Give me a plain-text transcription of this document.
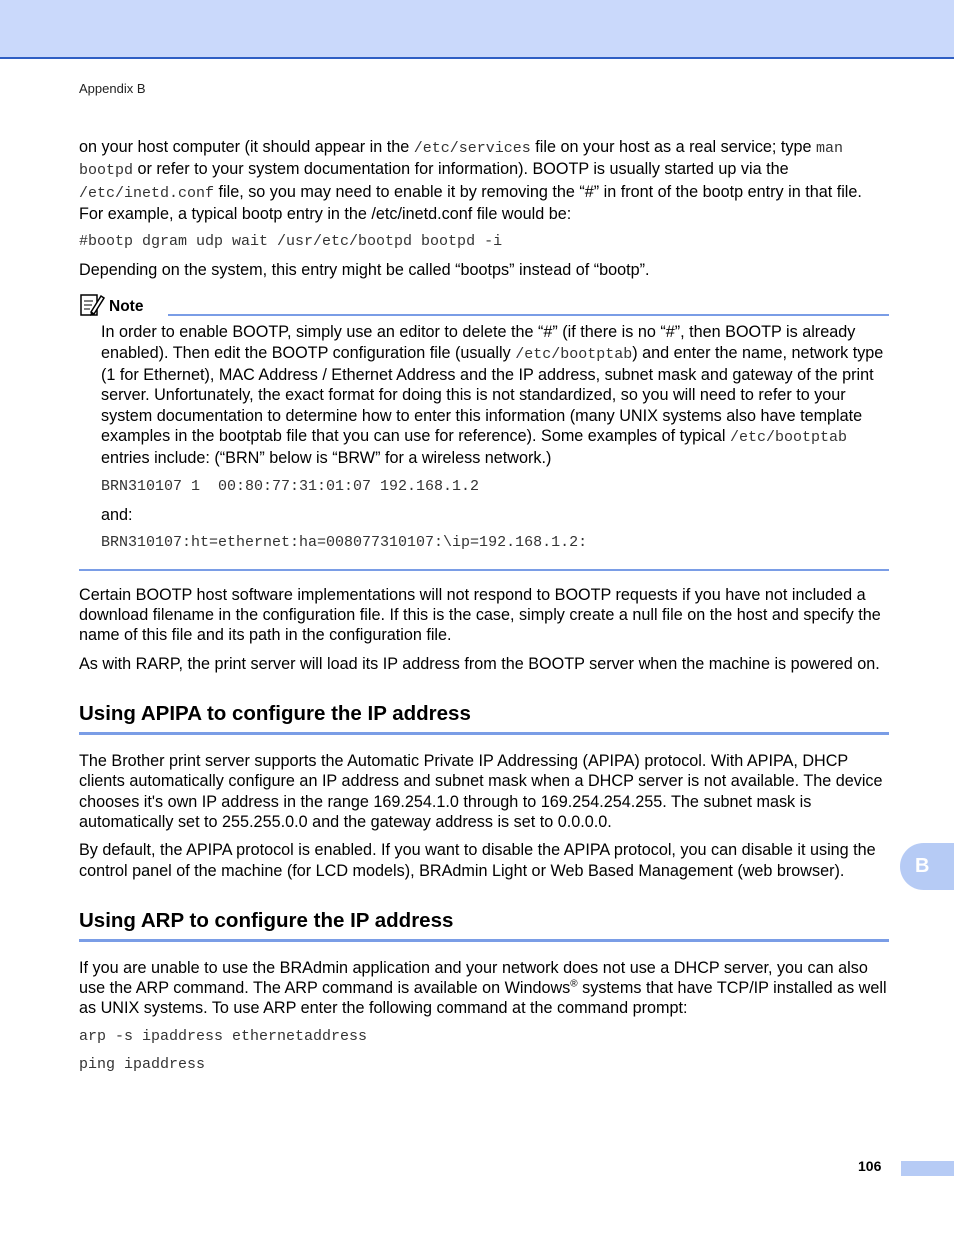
Appendix B

on your host computer (it should appear in the /etc/services file on your host as a real service; type man bootpd or refer to your system documentation for information). BOOTP is usually started up via the /etc/inetd.conf file, so you may need to enable it by removing the “#” in front of the bootp entry in that file. For example, a typical bootp entry in the /etc/inetd.conf file would be:

#bootp dgram udp wait /usr/etc/bootpd bootpd -i

Depending on the system, this entry might be called “bootps” instead of “bootp”.

Note

In order to enable BOOTP, simply use an editor to delete the “#” (if there is no “#”, then BOOTP is already enabled). Then edit the BOOTP configuration file (usually /etc/bootptab) and enter the name, network type (1 for Ethernet), MAC Address / Ethernet Address and the IP address, subnet mask and gateway of the print server. Unfortunately, the exact format for doing this is not standardized, so you will need to refer to your system documentation to determine how to enter this information (many UNIX systems also have template examples in the bootptab file that you can use for reference). Some examples of typical /etc/bootptab entries include: (“BRN” below is “BRW” for a wireless network.)

BRN310107 1  00:80:77:31:01:07 192.168.1.2

and:

BRN310107:ht=ethernet:ha=008077310107:\ip=192.168.1.2:

Certain BOOTP host software implementations will not respond to BOOTP requests if you have not included a download filename in the configuration file. If this is the case, simply create a null file on the host and specify the name of this file and its path in the configuration file.

As with RARP, the print server will load its IP address from the BOOTP server when the machine is powered on.

Using APIPA to configure the IP address

The Brother print server supports the Automatic Private IP Addressing (APIPA) protocol. With APIPA, DHCP clients automatically configure an IP address and subnet mask when a DHCP server is not available. The device chooses it's own IP address in the range 169.254.1.0 through to 169.254.254.255. The subnet mask is automatically set to 255.255.0.0 and the gateway address is set to 0.0.0.0.

By default, the APIPA protocol is enabled. If you want to disable the APIPA protocol, you can disable it using the control panel of the machine (for LCD models), BRAdmin Light or Web Based Management (web browser).

Using ARP to configure the IP address

If you are unable to use the BRAdmin application and your network does not use a DHCP server, you can also use the ARP command. The ARP command is available on Windows® systems that have TCP/IP installed as well as UNIX systems. To use ARP enter the following command at the command prompt:

arp -s ipaddress ethernetaddress
ping ipaddress
B
106
